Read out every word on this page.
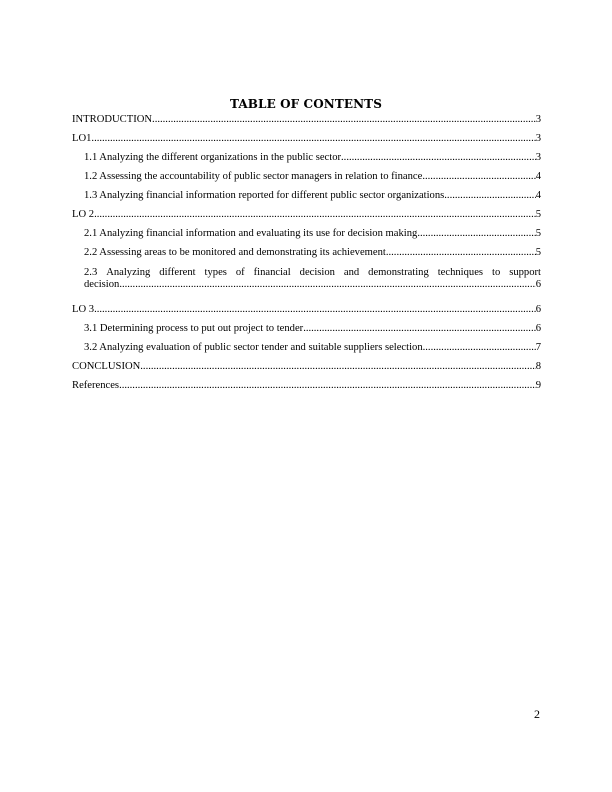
TABLE OF CONTENTS
INTRODUCTION .....	3
LO1 .....	3
1.1 Analyzing the different organizations in the public sector .....	3
1.2 Assessing the accountability of public sector managers in relation to finance .....	4
1.3 Analyzing financial information reported for different public sector organizations .....	4
LO 2 .....	5
2.1 Analyzing financial information and evaluating its use for decision making .....	5
2.2 Assessing areas to be monitored and demonstrating its achievement .....	5
2.3 Analyzing different types of financial decision and demonstrating techniques to support
decision .....	6
LO 3 .....	6
3.1 Determining process to put out project to tender .....	6
3.2 Analyzing evaluation of public sector tender and suitable suppliers selection .....	7
CONCLUSION .....	8
References .....	9
2
